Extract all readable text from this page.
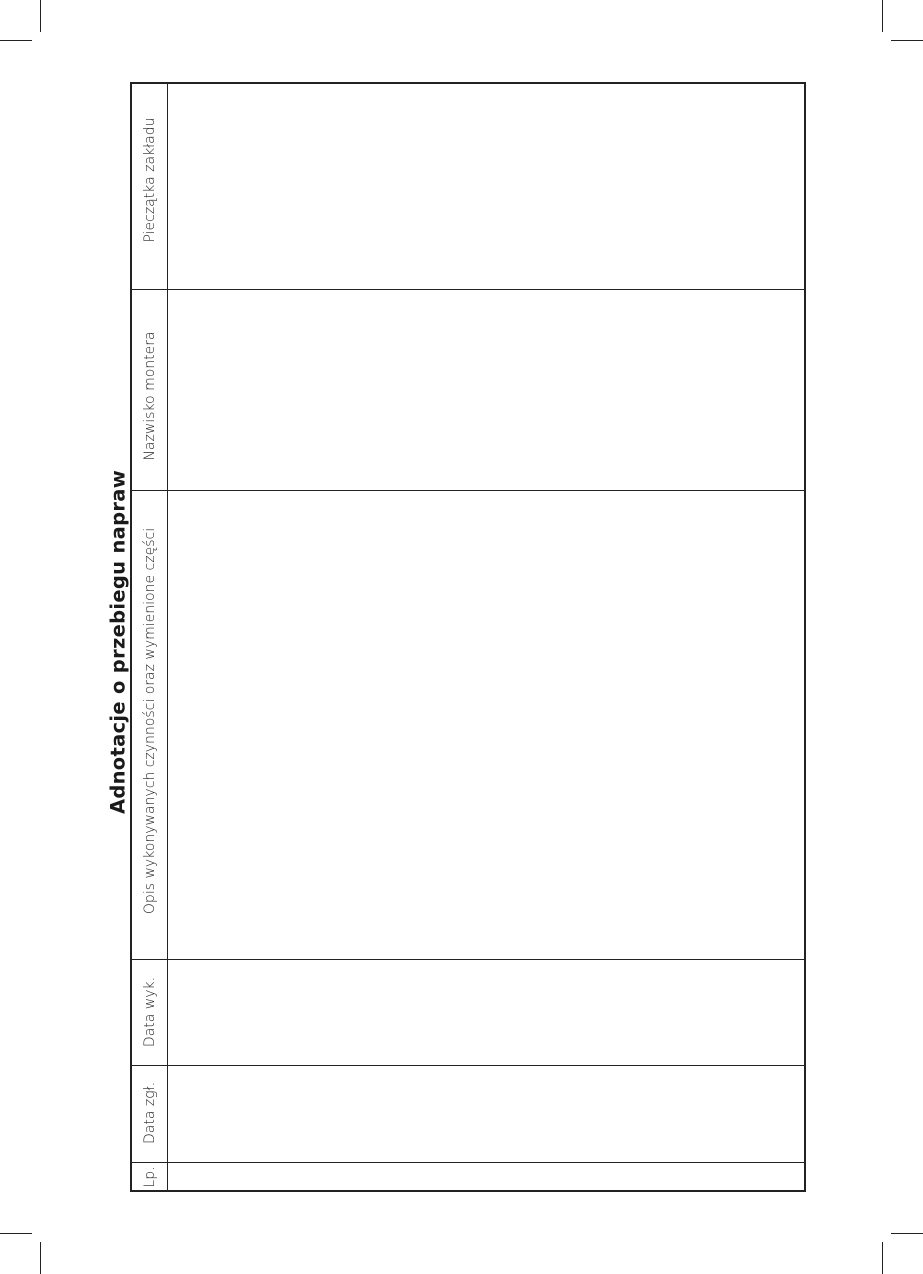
Adnotacje o przebiegu napraw
Pieczątka zakładu
Nazwisko montera
Opis wykonywanych czynności oraz wymienione części
Data wyk.
Data zgł.
Lp.
